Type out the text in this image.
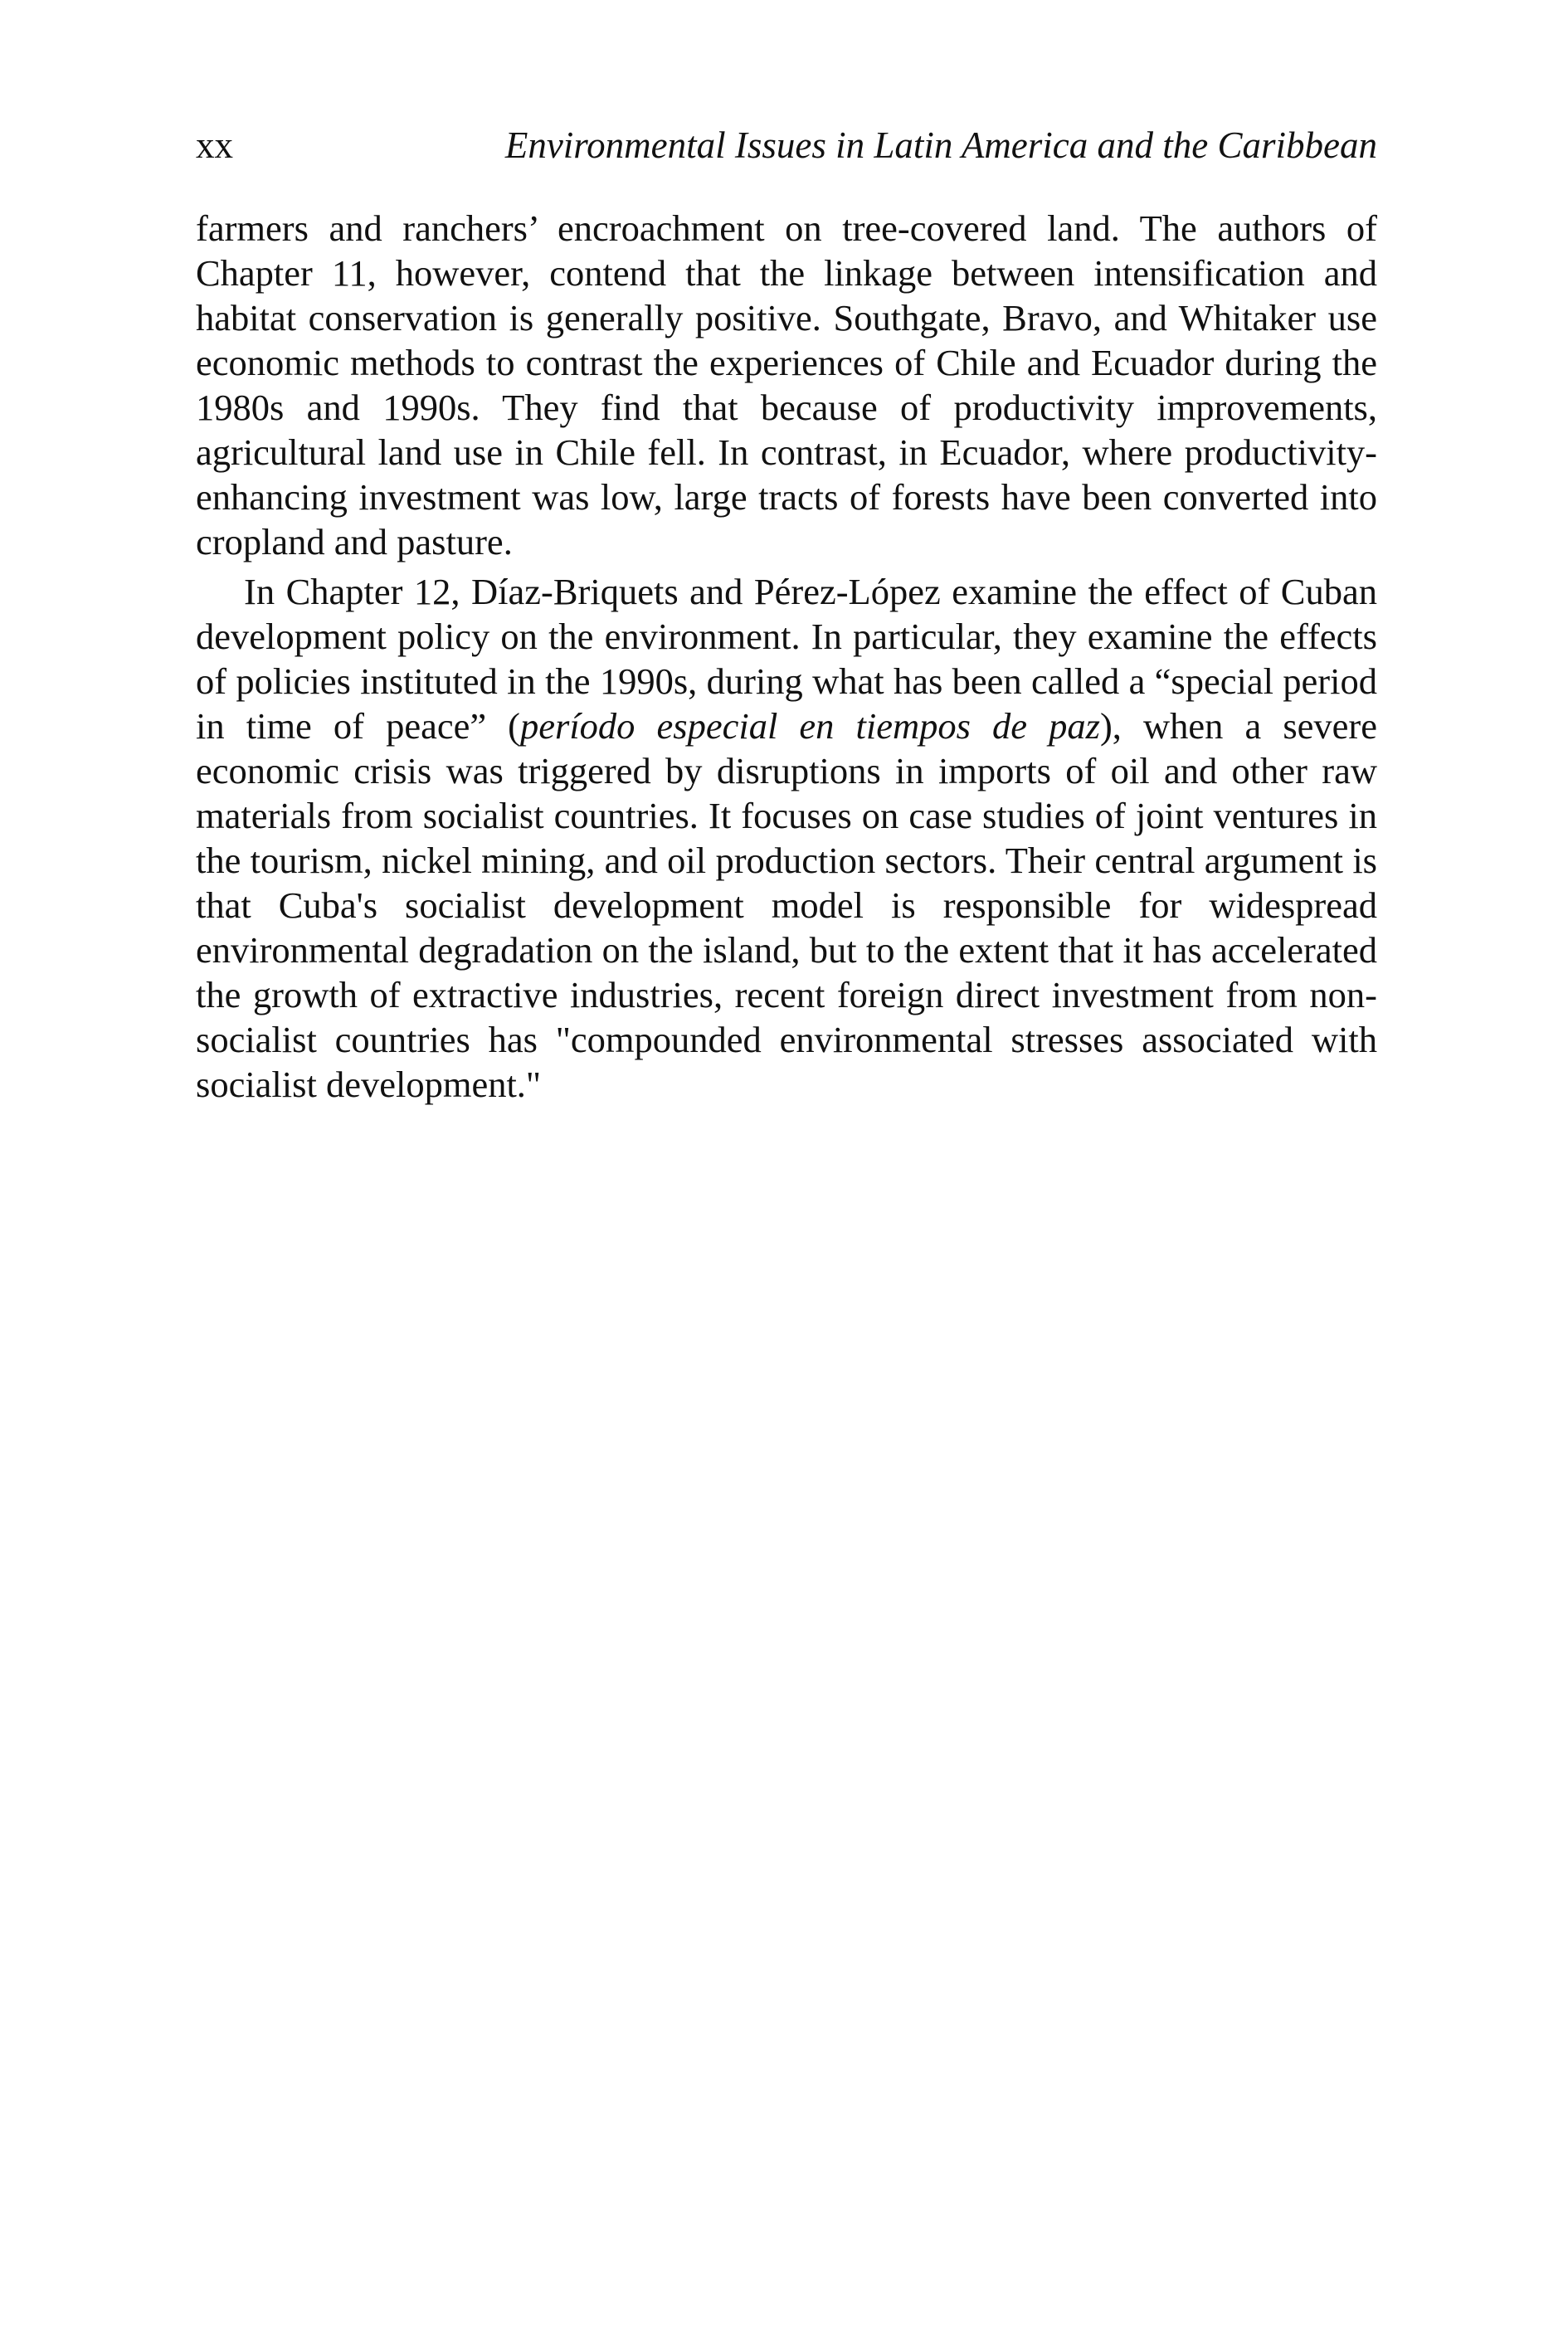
xx	Environmental Issues in Latin America and the Caribbean

farmers and ranchers’ encroachment on tree-covered land. The authors of Chapter 11, however, contend that the linkage between intensification and habitat conservation is generally positive. Southgate, Bravo, and Whitaker use economic methods to contrast the experiences of Chile and Ecuador during the 1980s and 1990s. They find that because of productivity improvements, agricultural land use in Chile fell. In contrast, in Ecuador, where productivity-enhancing investment was low, large tracts of forests have been converted into cropland and pasture.

In Chapter 12, Díaz-Briquets and Pérez-López examine the effect of Cuban development policy on the environment. In particular, they examine the effects of policies instituted in the 1990s, during what has been called a “special period in time of peace” (período especial en tiempos de paz), when a severe economic crisis was triggered by disruptions in imports of oil and other raw materials from socialist countries. It focuses on case studies of joint ventures in the tourism, nickel mining, and oil production sectors. Their central argument is that Cuba's socialist development model is responsible for widespread environmental degradation on the island, but to the extent that it has accelerated the growth of extractive industries, recent foreign direct investment from non-socialist countries has "compounded environmental stresses associated with socialist development."
